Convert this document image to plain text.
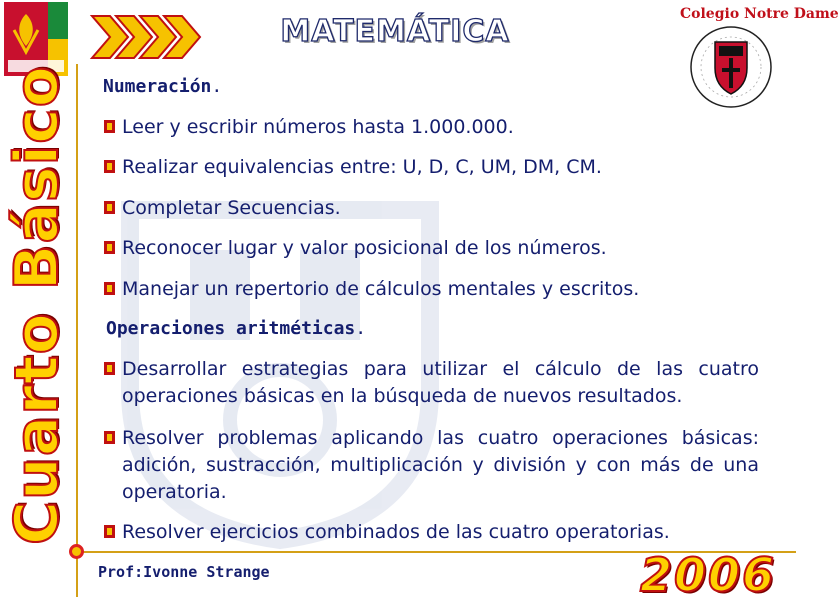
MATEMÁTICA	Colegio Notre Dame
Cuarto Básico Numeración.
Leer y escribir números hasta 1.000.000.
Realizar equivalencias entre: U, D, C, UM, DM, CM.
Completar Secuencias.
Reconocer lugar y valor posicional de los números.
Manejar un repertorio de cálculos mentales y escritos.
Operaciones aritméticas.
Desarrollar estrategias para utilizar el cálculo de las cuatro operaciones básicas en la búsqueda de nuevos resultados.
Resolver problemas aplicando las cuatro operaciones básicas: adición, sustracción, multiplicación y división y con más de una operatoria.
Resolver ejercicios combinados de las cuatro operatorias.
Prof:Ivonne Strange	2006
